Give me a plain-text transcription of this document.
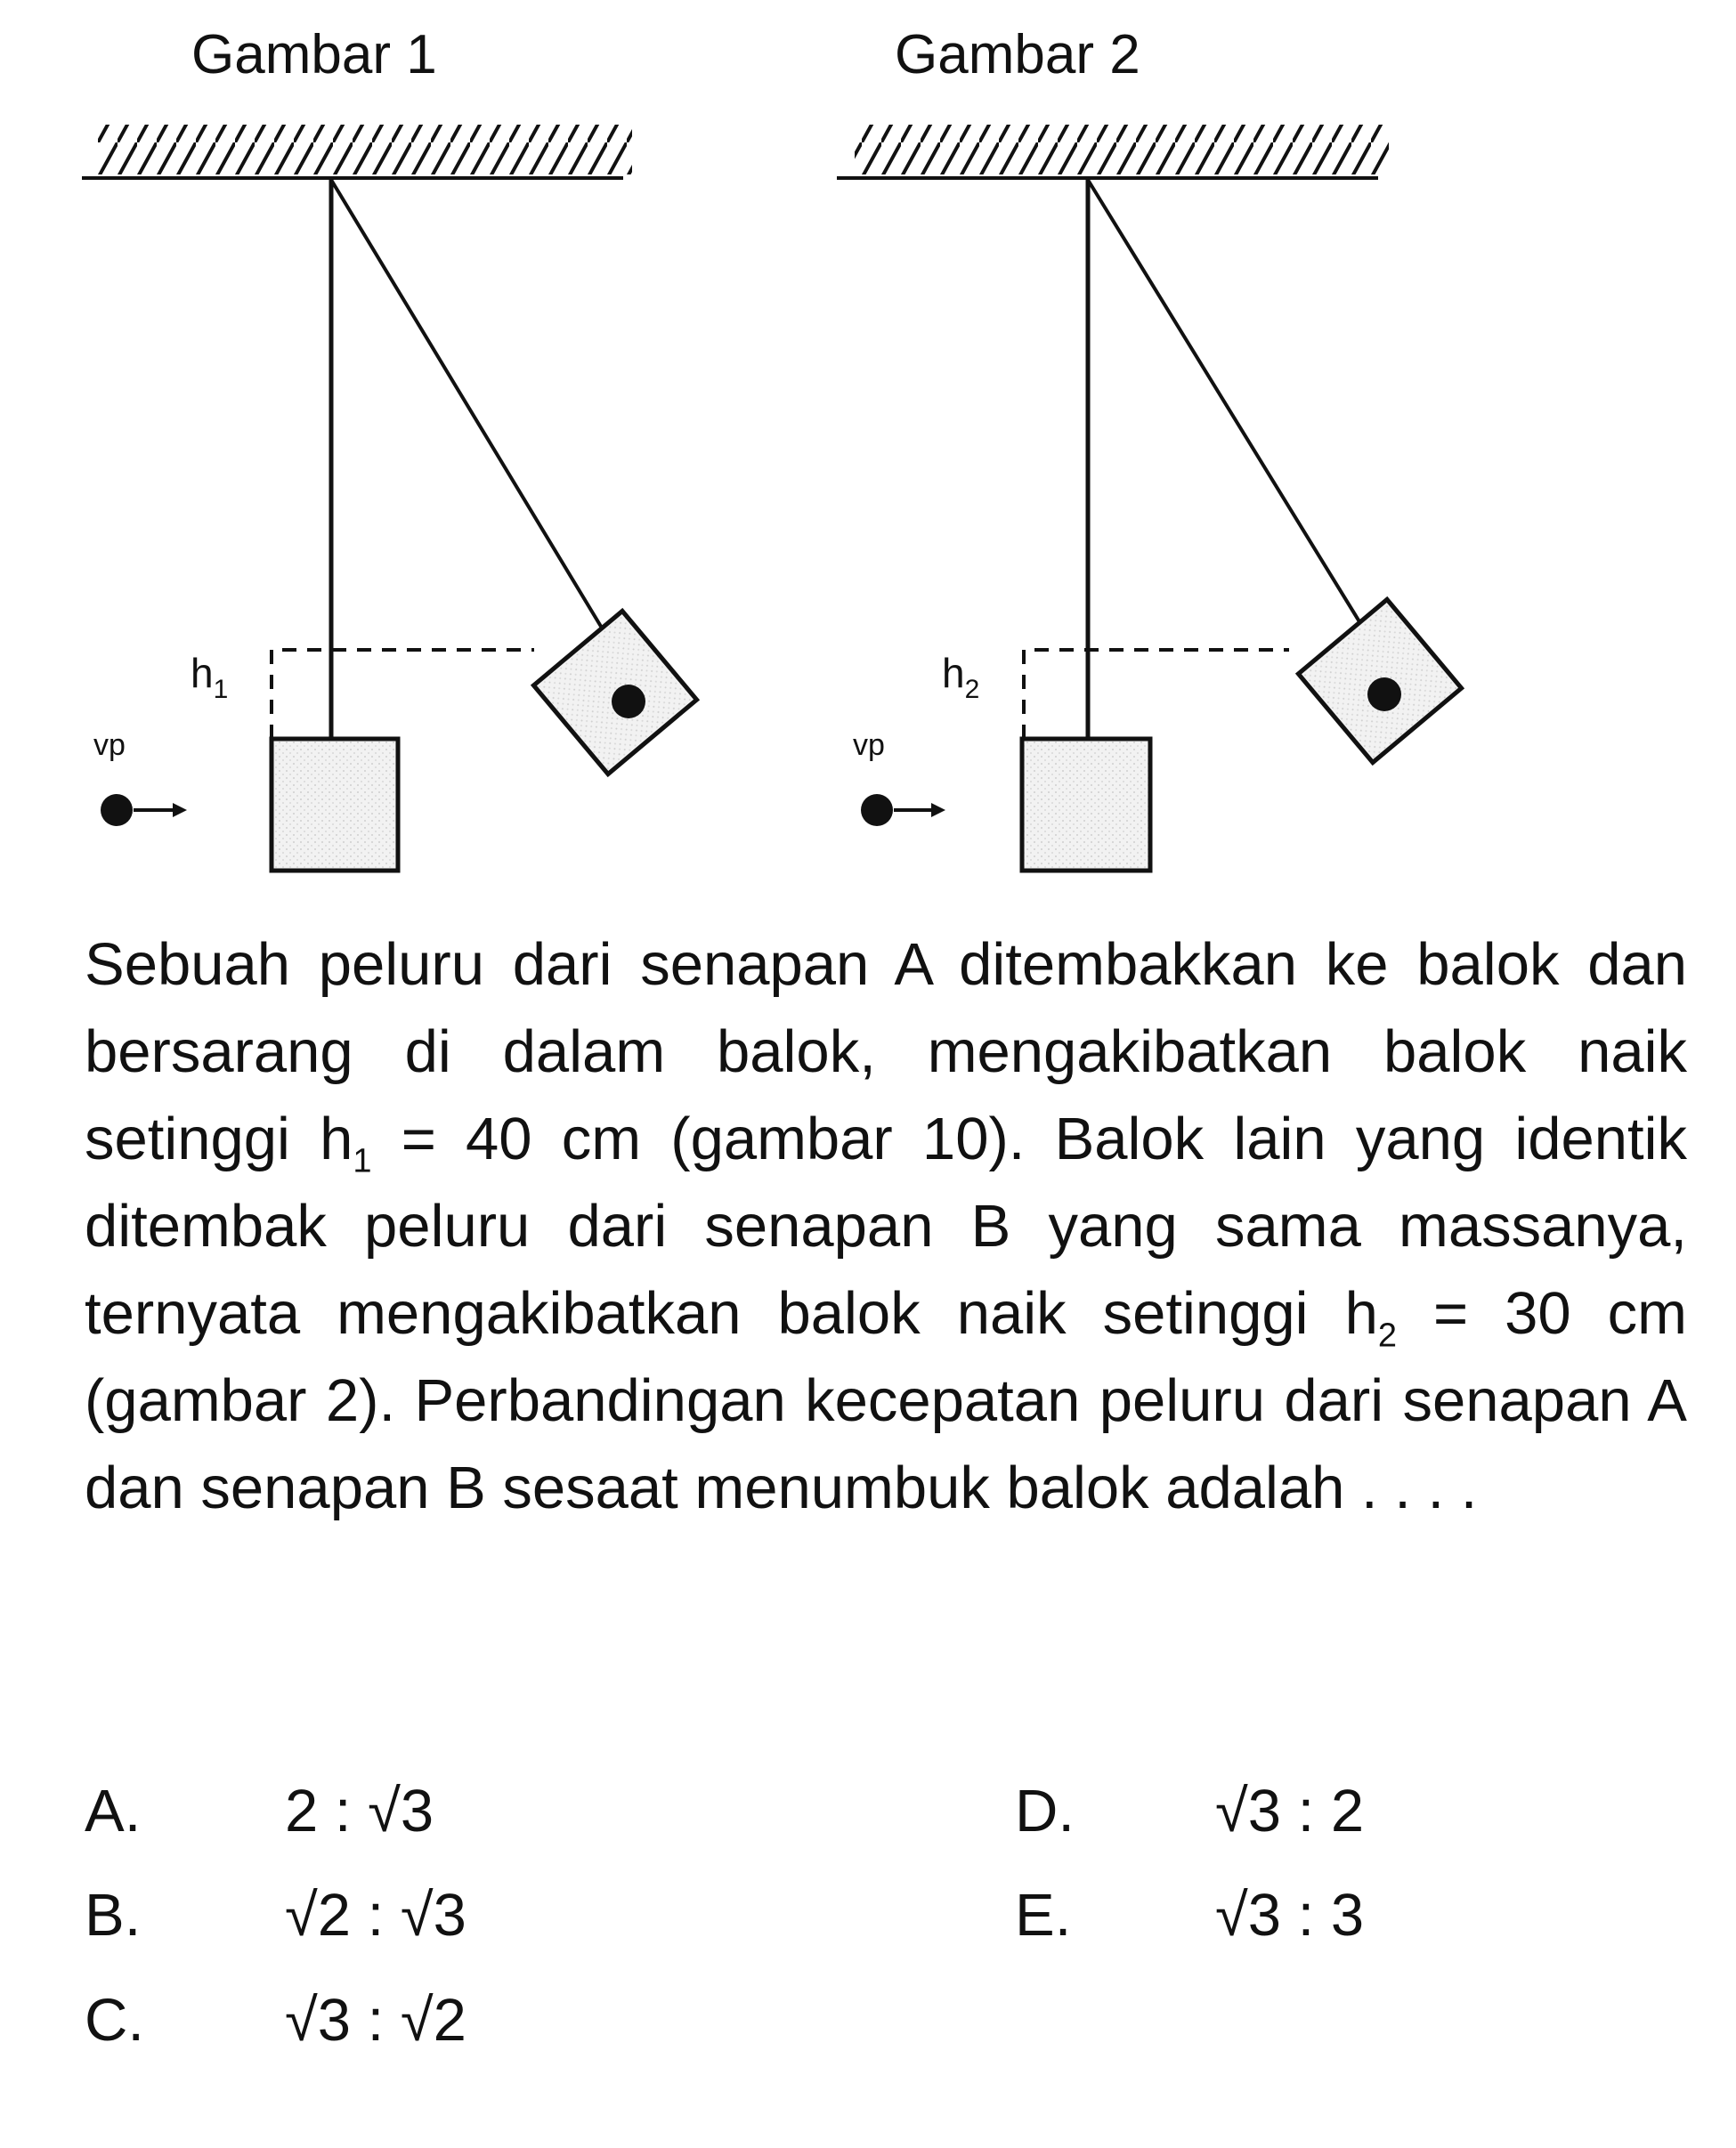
Gambar 1
$h_1$
vp
Gambar 2
$h_2$
vp

Sebuah peluru dari senapan A ditembakkan ke balok dan bersarang di dalam balok, mengakibatkan balok naik setinggi $h_1 = 40$ cm (gambar 10). Balok lain yang identik ditembak peluru dari senapan B yang sama massanya, ternyata mengakibatkan balok naik setinggi $h_2 = 30$ cm (gambar 2). Perbandingan kecepatan peluru dari senapan A dan senapan B sesaat menumbuk balok adalah . . . .

A. 2 : √3
B. √2 : √3
C. √3 : √2
D. √3 : 2
E. √3 : 3
